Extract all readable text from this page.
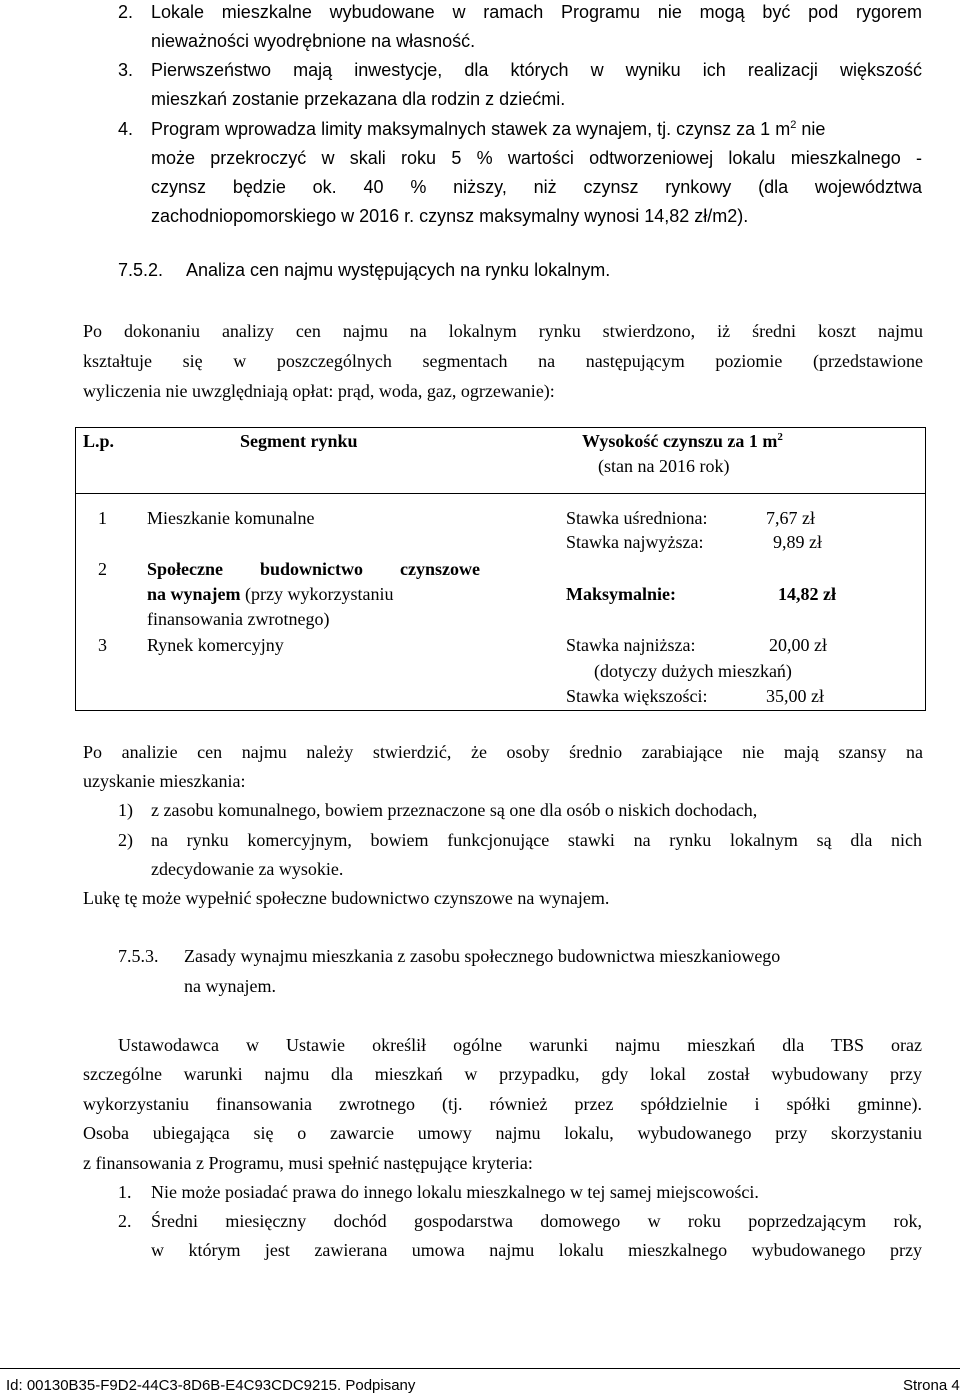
2. Lokale mieszkalne wybudowane w ramach Programu nie mogą być pod rygorem
nieważności wyodrębnione na własność.
3. Pierwszeństwo mają inwestycje, dla których w wyniku ich realizacji większość
mieszkań zostanie przekazana dla rodzin z dziećmi.
4. Program wprowadza limity maksymalnych stawek za wynajem, tj. czynsz za 1 $m^2$ nie
może przekroczyć w skali roku 5 % wartości odtworzeniowej lokalu mieszkalnego -
czynsz będzie ok. 40 % niższy, niż czynsz rynkowy (dla województwa
zachodniopomorskiego w 2016 r. czynsz maksymalny wynosi 14,82 zł/m2).
7.5.2. Analiza cen najmu występujących na rynku lokalnym.
Po dokonaniu analizy cen najmu na lokalnym rynku stwierdzono, iż średni koszt najmu
kształtuje się w poszczególnych segmentach na następującym poziomie (przedstawione
wyliczenia nie uwzględniają opłat: prąd, woda, gaz, ogrzewanie):
L.p.	Segment rynku	Wysokość czynszu za 1 $m^2$
(stan na 2016 rok)
1 Mieszkanie komunalne	Stawka uśredniona:	7,67 zł
Stawka najwyższa:	9,89 zł
2 Społeczne budownictwo czynszowe
na wynajem (przy wykorzystaniu
finansowania zwrotnego)
Maksymalnie:	14,82 zł
3 Rynek komercyjny	Stawka najniższa:	20,00 zł
(dotyczy dużych mieszkań)
Stawka większości:	35,00 zł
Po analizie cen najmu należy stwierdzić, że osoby średnio zarabiające nie mają szansy na
uzyskanie mieszkania:
1) z zasobu komunalnego, bowiem przeznaczone są one dla osób o niskich dochodach,
2) na rynku komercyjnym, bowiem funkcjonujące stawki na rynku lokalnym są dla nich
zdecydowanie za wysokie.
Lukę tę może wypełnić społeczne budownictwo czynszowe na wynajem.
7.5.3. Zasady wynajmu mieszkania z zasobu społecznego budownictwa mieszkaniowego
na wynajem.
Ustawodawca w Ustawie określił ogólne warunki najmu mieszkań dla TBS oraz
szczególne warunki najmu dla mieszkań w przypadku, gdy lokal został wybudowany przy
wykorzystaniu finansowania zwrotnego (tj. również przez spółdzielnie i spółki gminne).
Osoba ubiegająca się o zawarcie umowy najmu lokalu, wybudowanego przy skorzystaniu
z finansowania z Programu, musi spełnić następujące kryteria:
1. Nie może posiadać prawa do innego lokalu mieszkalnego w tej samej miejscowości.
2. Średni miesięczny dochód gospodarstwa domowego w roku poprzedzającym rok,
w którym jest zawierana umowa najmu lokalu mieszkalnego wybudowanego przy
Id: 00130B35-F9D2-44C3-8D6B-E4C93CDC9215. Podpisany	Strona 4
